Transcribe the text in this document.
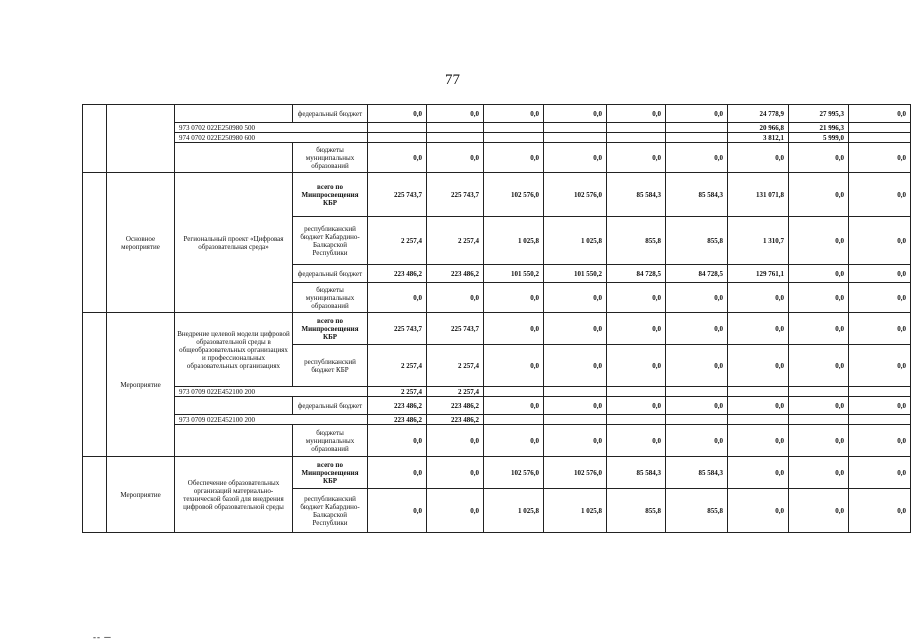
77
			федеральный бюджет	0,0	0,0	0,0	0,0	0,0	0,0	24 778,9	27 995,3	0,0
		973 0702 022E250980 500								20 966,8	21 996,3	
		974 0702 022E250980 600								3 812,1	5 999,0	
			бюджеты муниципальных образований	0,0	0,0	0,0	0,0	0,0	0,0	0,0	0,0	0,0
	Основное мероприятие	Региональный проект «Цифровая образовательная среда»	всего по Минпросвещения КБР	225 743,7	225 743,7	102 576,0	102 576,0	85 584,3	85 584,3	131 071,8	0,0	0,0
			республиканский бюджет Кабардино-Балкарской Республики	2 257,4	2 257,4	1 025,8	1 025,8	855,8	855,8	1 310,7	0,0	0,0
			федеральный бюджет	223 486,2	223 486,2	101 550,2	101 550,2	84 728,5	84 728,5	129 761,1	0,0	0,0
			бюджеты муниципальных образований	0,0	0,0	0,0	0,0	0,0	0,0	0,0	0,0	0,0
	Мероприятие	Внедрение целевой модели цифровой образовательной среды в общеобразовательных организациях и профессиональных образовательных организациях	всего по Минпросвещения КБР	225 743,7	225 743,7	0,0	0,0	0,0	0,0	0,0	0,0	0,0
			республиканский бюджет КБР	2 257,4	2 257,4	0,0	0,0	0,0	0,0	0,0	0,0	0,0
		973 0709 022E452100 200		2 257,4	2 257,4							
			федеральный бюджет	223 486,2	223 486,2	0,0	0,0	0,0	0,0	0,0	0,0	0,0
		973 0709 022E452100 200		223 486,2	223 486,2							
			бюджеты муниципальных образований	0,0	0,0	0,0	0,0	0,0	0,0	0,0	0,0	0,0
	Мероприятие	Обеспечение образовательных организаций материально-технической базой для внедрения цифровой образовательной среды	всего по Минпросвещения КБР	0,0	0,0	102 576,0	102 576,0	85 584,3	85 584,3	0,0	0,0	0,0
			республиканский бюджет Кабардино-Балкарской Республики	0,0	0,0	1 025,8	1 025,8	855,8	855,8	0,0	0,0	0,0
-- ─
